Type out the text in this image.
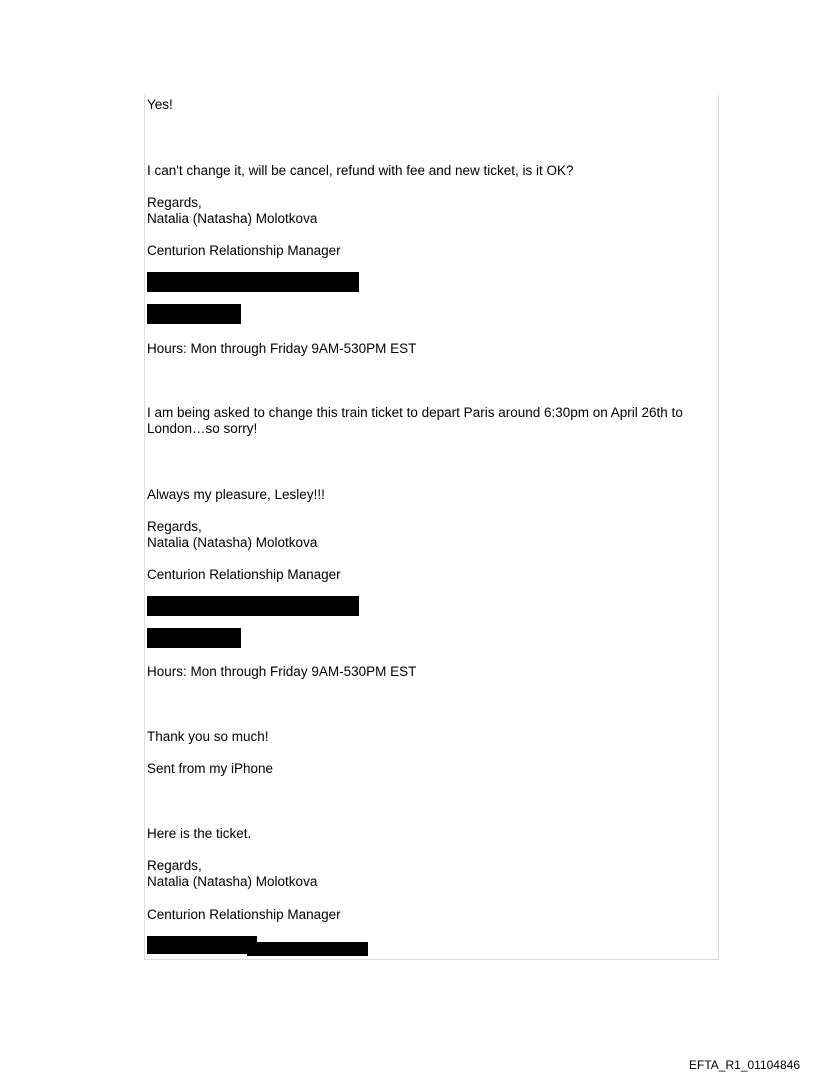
Yes!
I can't change it, will be cancel, refund with fee and new ticket, is it OK?
Regards,
Natalia (Natasha) Molotkova
Centurion Relationship Manager
Hours: Mon through Friday 9AM-530PM EST
I am being asked to change this train ticket to depart Paris around 6:30pm on April 26th to London…so sorry!
Always my pleasure, Lesley!!!
Regards,
Natalia (Natasha) Molotkova
Centurion Relationship Manager
Hours: Mon through Friday 9AM-530PM EST
Thank you so much!
Sent from my iPhone
Here is the ticket.
Regards,
Natalia (Natasha) Molotkova
Centurion Relationship Manager
EFTA_R1_01104846
